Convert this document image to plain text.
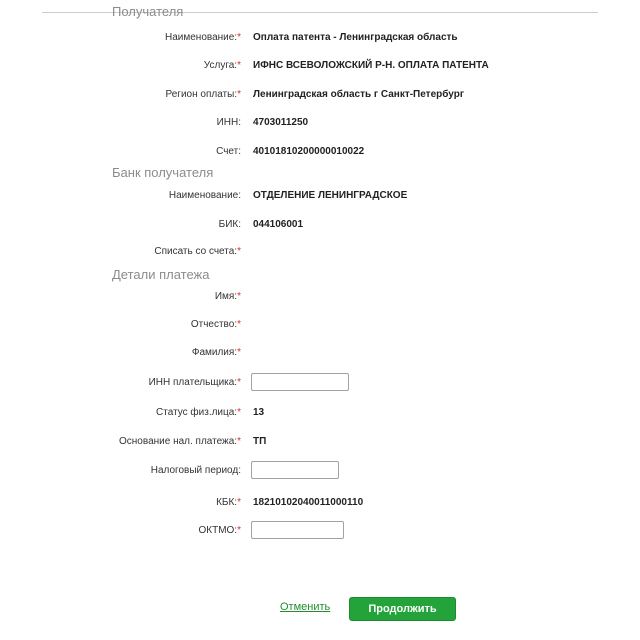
Получателя
Наименование:* Оплата патента - Ленинградская область
Услуга:* ИФНС ВСЕВОЛОЖСКИЙ Р-Н. ОПЛАТА ПАТЕНТА
Регион оплаты:* Ленинградская область г Санкт-Петербург
ИНН: 4703011250
Счет: 40101810200000010022
Банк получателя
Наименование: ОТДЕЛЕНИЕ ЛЕНИНГРАДСКОЕ
БИК: 044106001
Списать со счета:*
Детали платежа
Имя:*
Отчество:*
Фамилия:*
ИНН плательщика:*
Статус физ.лица:* 13
Основание нал. платежа:* ТП
Налоговый период:
КБК:* 18210102040011000110
ОКТМО:*
Отменить	Продолжить
